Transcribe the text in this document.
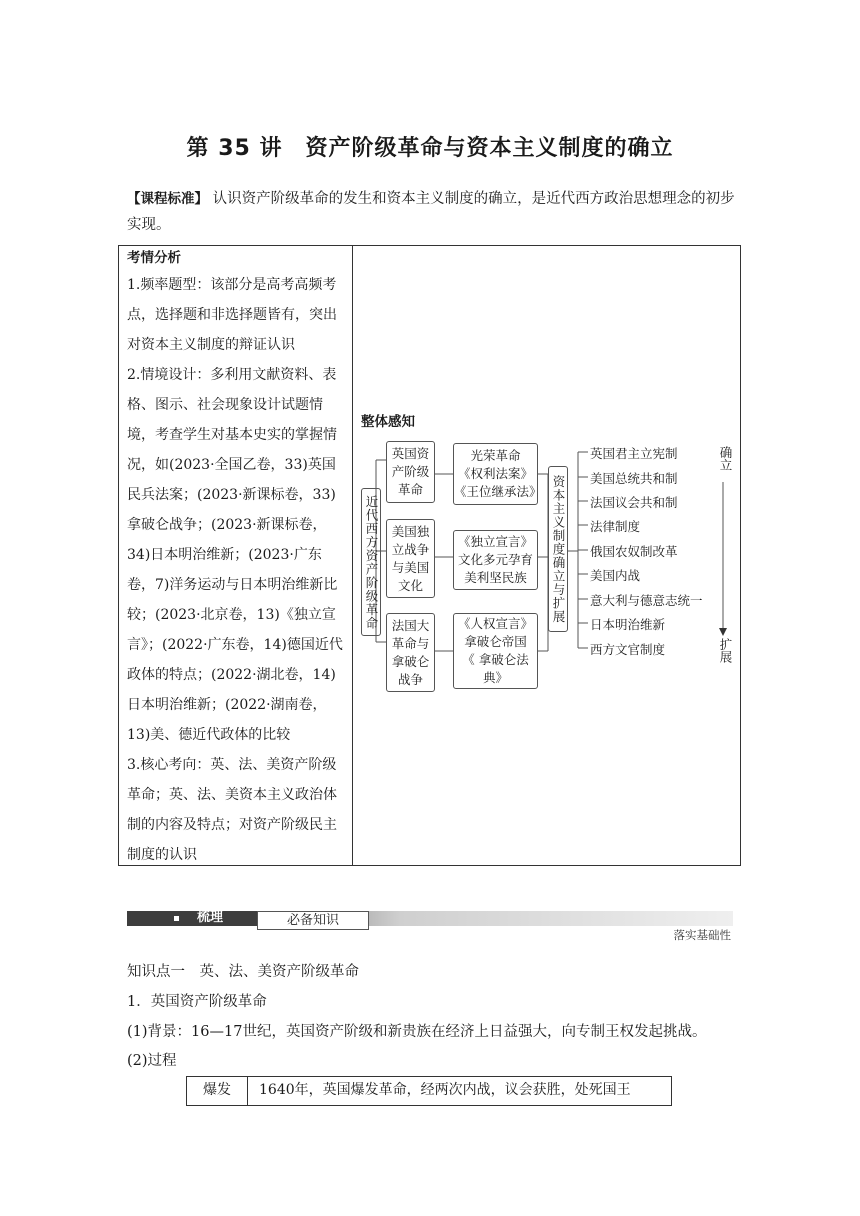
第 35 讲　资产阶级革命与资本主义制度的确立
【课程标准】 认识资产阶级革命的发生和资本主义制度的确立，是近代西方政治思想理念的初步实现。
考情分析

1.频率题型：该部分是高考高频考点，选择题和非选择题皆有，突出对资本主义制度的辩证认识

2.情境设计：多利用文献资料、表格、图示、社会现象设计试题情境，考查学生对基本史实的掌握情况，如(2023·全国乙卷，33)英国民兵法案；(2023·新课标卷，33)拿破仑战争；(2023·新课标卷，34)日本明治维新；(2023·广东卷，7)洋务运动与日本明治维新比较；(2023·北京卷，13)《独立宣言》；(2022·广东卷，14)德国近代政体的特点；(2022·湖北卷，14)日本明治维新；(2022·湖南卷，13)美、德近代政体的比较

3.核心考向：英、法、美资产阶级革命；英、法、美资本主义政治体制的内容及特点；对资产阶级民主制度的认识

整体感知
近代西方资产阶级革命
英国资产阶级革命
美国独立战争与美国文化
法国大革命与拿破仑战争
光荣革命
《权利法案》
《王位继承法》
《独立宣言》
文化多元孕育
美利坚民族
《人权宣言》
拿破仑帝国
《 拿破仑法典》
资本主义制度确立与扩展
英国君主立宪制
美国总统共和制
法国议会共和制
法律制度
俄国农奴制改革
美国内战
意大利与德意志统一
日本明治维新
西方文官制度
确立
扩展
梳理	必备知识
落实基础性
知识点一　英、法、美资产阶级革命
1．英国资产阶级革命
(1)背景：16—17世纪，英国资产阶级和新贵族在经济上日益强大，向专制王权发起挑战。
(2)过程
爆发	1640年，英国爆发革命，经两次内战，议会获胜，处死国王
